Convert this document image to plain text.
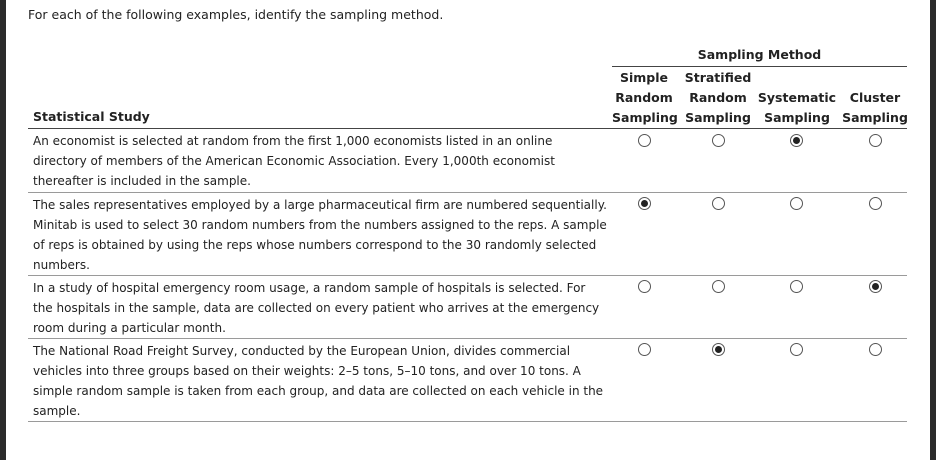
For each of the following examples, identify the sampling method.
Sampling Method
Simple
Random
Sampling
Stratified
Random
Sampling
Systematic
Sampling
Cluster
Sampling
Statistical Study
An economist is selected at random from the first 1,000 economists listed in an online directory of members of the American Economic Association. Every 1,000th economist thereafter is included in the sample.
The sales representatives employed by a large pharmaceutical firm are numbered sequentially. Minitab is used to select 30 random numbers from the numbers assigned to the reps. A sample of reps is obtained by using the reps whose numbers correspond to the 30 randomly selected numbers.
In a study of hospital emergency room usage, a random sample of hospitals is selected. For the hospitals in the sample, data are collected on every patient who arrives at the emergency room during a particular month.
The National Road Freight Survey, conducted by the European Union, divides commercial vehicles into three groups based on their weights: 2–5 tons, 5–10 tons, and over 10 tons. A simple random sample is taken from each group, and data are collected on each vehicle in the sample.
